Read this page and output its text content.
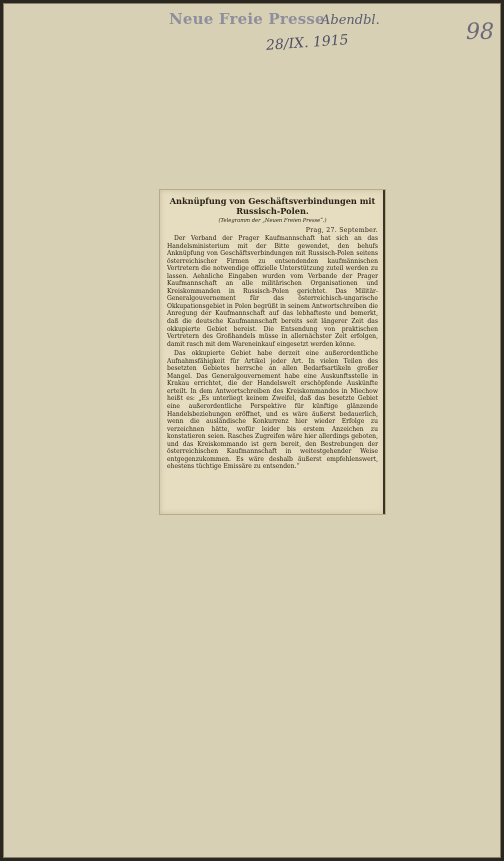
Neue Freie Presse
Abendbl.
28/IX. 1915	98
Anknüpfung von Geschäftsverbindungen mit Russisch-Polen.
(Telegramm der „Neuen Freien Presse“.)
Prag, 27. September.

Der Verband der Prager Kaufmannschaft hat sich an das Handelsministerium mit der Bitte gewendet, den behufs Anknüpfung von Geschäftsverbindungen mit Russisch-Polen seitens österreichischer Firmen zu entsendenden kaufmännischen Vertretern die notwendige offizielle Unterstützung zuteil werden zu lassen. Aehnliche Eingaben wurden vom Verbande der Prager Kaufmannschaft an alle militärischen Organisationen und Kreiskommanden in Russisch-Polen gerichtet. Das Militär-Generalgouvernement für das österreichisch-ungarische Okkupationsgebiet in Polen begrüßt in seinem Antwortschreiben die Anregung der Kaufmannschaft auf das lebhafteste und bemerkt, daß die deutsche Kaufmannschaft bereits seit längerer Zeit das okkupierte Gebiet bereist. Die Entsendung von praktischen Vertretern des Großhandels müsse in allernächster Zeit erfolgen, damit rasch mit dem Wareneinkauf eingesetzt werden könne.

Das okkupierte Gebiet habe derzeit eine außerordentliche Aufnahmsfähigkeit für Artikel jeder Art. In vielen Teilen des besetzten Gebietes herrsche an allen Bedarfsartikeln großer Mangel. Das Generalgouvernement habe eine Auskunftsstelle in Krakau errichtet, die der Handelswelt erschöpfende Auskünfte erteilt. In dem Antwortschreiben des Kreiskommandos in Miechow heißt es: „Es unterliegt keinem Zweifel, daß das besetzte Gebiet eine außerordentliche Perspektive für künftige glänzende Handelsbeziehungen eröffnet, und es wäre äußerst bedauerlich, wenn die ausländische Konkurrenz hier wieder Erfolge zu verzeichnen hätte, wofür leider bis erstem Anzeichen zu konstatieren seien. Rasches Zugreifen wäre hier allerdings geboten, und das Kreiskommando ist gern bereit, den Bestrebungen der österreichischen Kaufmannschaft in weitestgehender Weise entgegenzukommen. Es wäre deshalb äußerst empfehlenswert, ehestens tüchtige Emissäre zu entsenden.“
